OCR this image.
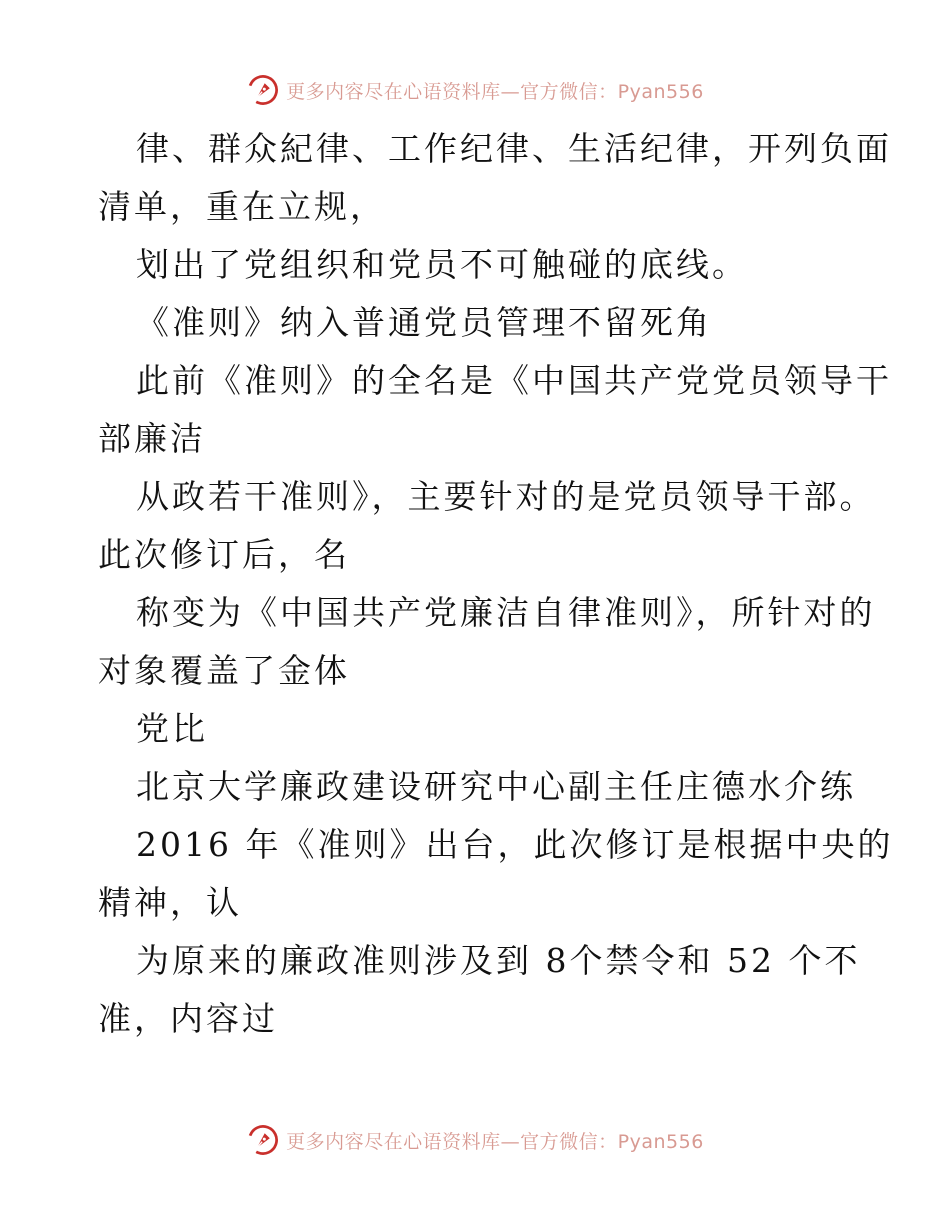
更多内容尽在心语资料库—官方微信：Pyan556
律、群众紀律、工作纪律、生活纪律，开列负面
清单，重在立规，
划出了党组织和党员不可触碰的底线。
《准则》纳入普通党员管理不留死角
此前《准则》的全名是《中国共产党党员领导干
部廉洁
从政若干准则》，主要针对的是党员领导干部。
此次修订后，名
称变为《中国共产党廉洁自律准则》，所针对的
对象覆盖了金体
党比
北京大学廉政建设研究中心副主任庄德水介练
2016 年《准则》出台，此次修订是根据中央的
精神，认
为原来的廉政准则涉及到 8个禁令和 52 个不
准，内容过
更多内容尽在心语资料库—官方微信：Pyan556
